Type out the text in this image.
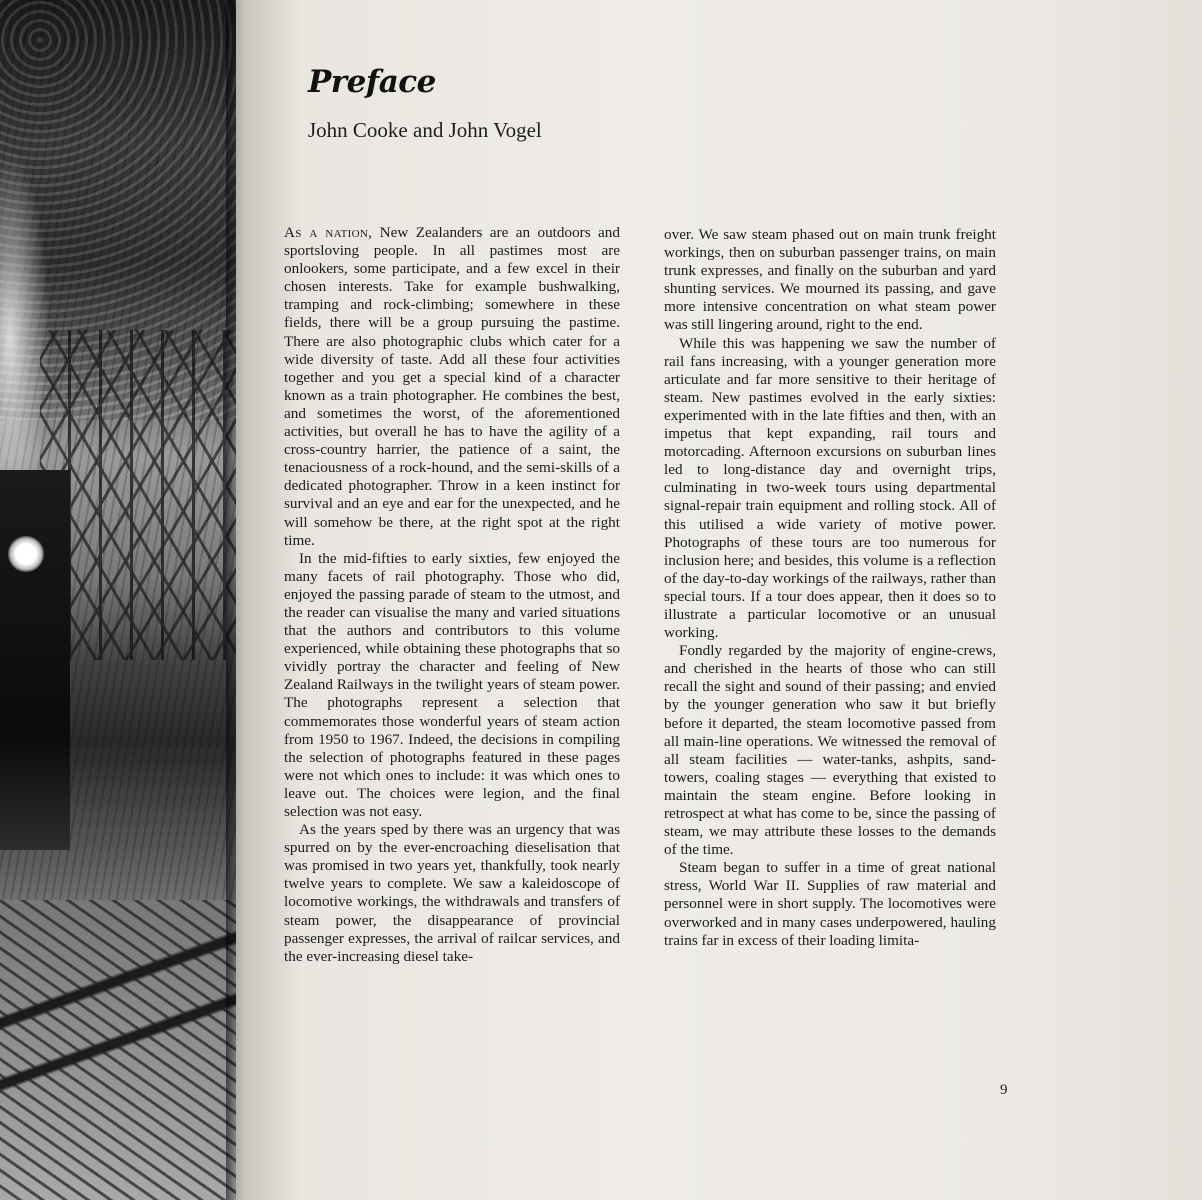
Preface
John Cooke and John Vogel

As a nation, New Zealanders are an outdoors and sportsloving people. In all pastimes most are onlookers, some participate, and a few excel in their chosen interests. Take for example bushwalking, tramping and rock-climbing; somewhere in these fields, there will be a group pursuing the pastime. There are also photographic clubs which cater for a wide diversity of taste. Add all these four activities together and you get a special kind of a character known as a train photographer. He combines the best, and sometimes the worst, of the aforementioned activities, but overall he has to have the agility of a cross-country harrier, the patience of a saint, the tenaciousness of a rock-hound, and the semi-skills of a dedicated photographer. Throw in a keen instinct for survival and an eye and ear for the unexpected, and he will somehow be there, at the right spot at the right time.

In the mid-fifties to early sixties, few enjoyed the many facets of rail photography. Those who did, enjoyed the passing parade of steam to the utmost, and the reader can visualise the many and varied situations that the authors and contributors to this volume experienced, while obtaining these photographs that so vividly portray the character and feeling of New Zealand Railways in the twilight years of steam power. The photographs represent a selection that commemorates those wonderful years of steam action from 1950 to 1967. Indeed, the decisions in compiling the selection of photographs featured in these pages were not which ones to include: it was which ones to leave out. The choices were legion, and the final selection was not easy.

As the years sped by there was an urgency that was spurred on by the ever-encroaching dieselisation that was promised in two years yet, thankfully, took nearly twelve years to complete. We saw a kaleidoscope of locomotive workings, the withdrawals and transfers of steam power, the disappearance of provincial passenger expresses, the arrival of railcar services, and the ever-increasing diesel take-

over. We saw steam phased out on main trunk freight workings, then on suburban passenger trains, on main trunk expresses, and finally on the suburban and yard shunting services. We mourned its passing, and gave more intensive concentration on what steam power was still lingering around, right to the end.

While this was happening we saw the number of rail fans increasing, with a younger generation more articulate and far more sensitive to their heritage of steam. New pastimes evolved in the early sixties: experimented with in the late fifties and then, with an impetus that kept expanding, rail tours and motorcading. Afternoon excursions on suburban lines led to long-distance day and overnight trips, culminating in two-week tours using departmental signal-repair train equipment and rolling stock. All of this utilised a wide variety of motive power. Photographs of these tours are too numerous for inclusion here; and besides, this volume is a reflection of the day-to-day workings of the railways, rather than special tours. If a tour does appear, then it does so to illustrate a particular locomotive or an unusual working.

Fondly regarded by the majority of engine-crews, and cherished in the hearts of those who can still recall the sight and sound of their passing; and envied by the younger generation who saw it but briefly before it departed, the steam locomotive passed from all main-line operations. We witnessed the removal of all steam facilities — water-tanks, ashpits, sand-towers, coaling stages — everything that existed to maintain the steam engine. Before looking in retrospect at what has come to be, since the passing of steam, we may attribute these losses to the demands of the time.

Steam began to suffer in a time of great national stress, World War II. Supplies of raw material and personnel were in short supply. The locomotives were overworked and in many cases underpowered, hauling trains far in excess of their loading limita-

9
